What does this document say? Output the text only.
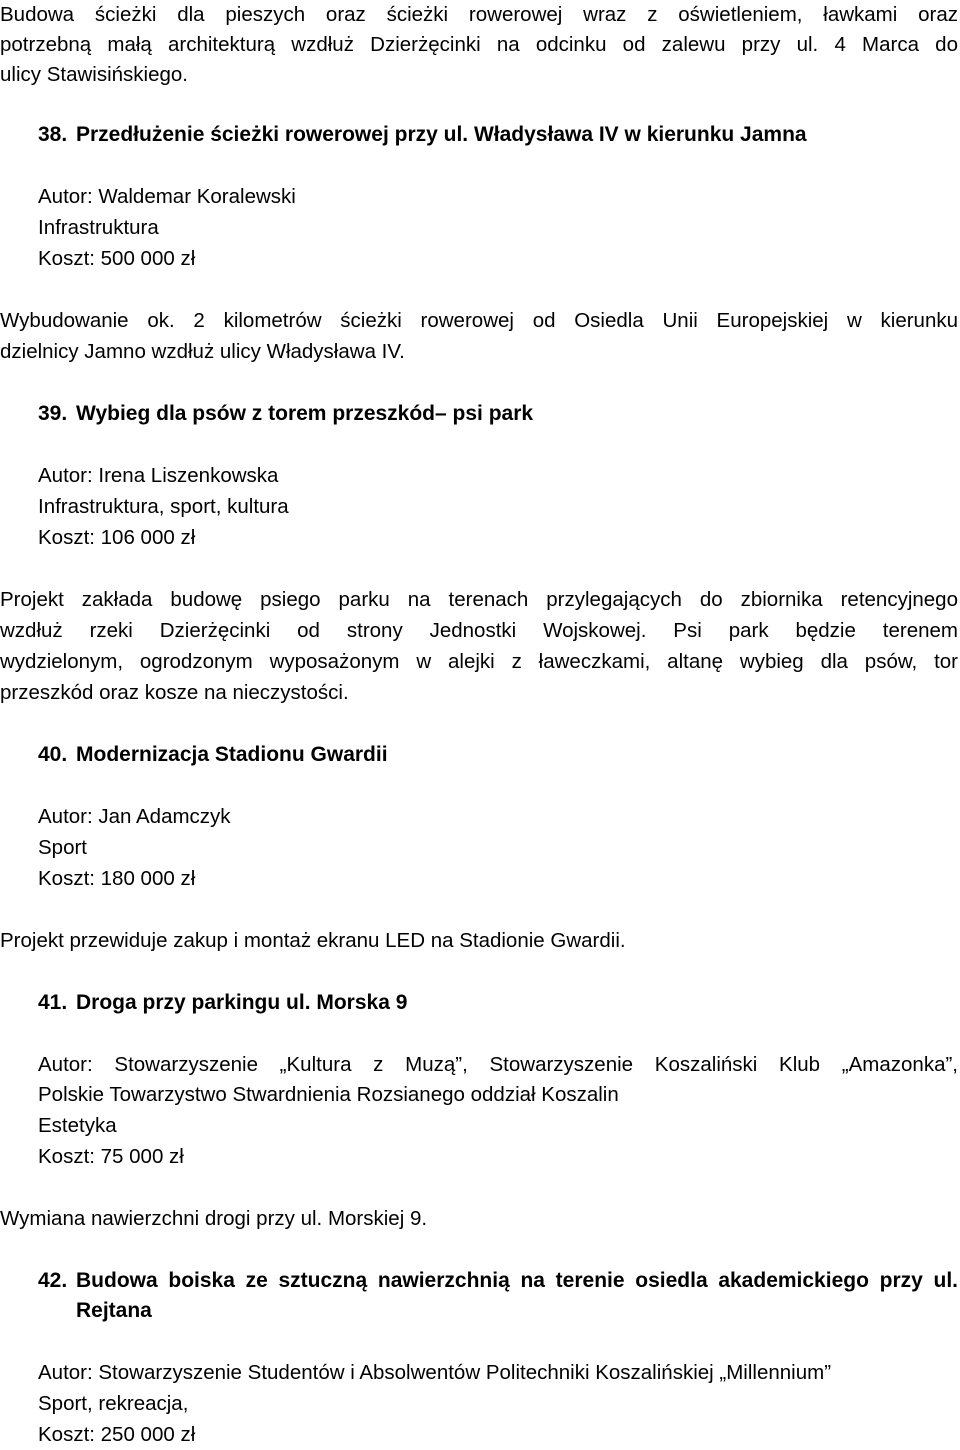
Budowa ścieżki dla pieszych oraz ścieżki rowerowej wraz z oświetleniem, ławkami oraz
potrzebną małą architekturą wzdłuż Dzierżęcinki na odcinku od zalewu przy ul. 4 Marca do
ulicy Stawisińskiego.
38. Przedłużenie ścieżki rowerowej przy ul. Władysława IV w kierunku Jamna
Autor: Waldemar Koralewski
Infrastruktura
Koszt: 500 000 zł
Wybudowanie ok. 2 kilometrów ścieżki rowerowej od Osiedla Unii Europejskiej w kierunku
dzielnicy Jamno wzdłuż ulicy Władysława IV.
39. Wybieg dla psów z torem przeszkód– psi park
Autor: Irena Liszenkowska
Infrastruktura, sport, kultura
Koszt: 106 000 zł
Projekt zakłada budowę psiego parku na terenach przylegających do zbiornika retencyjnego
wzdłuż rzeki Dzierżęcinki od strony Jednostki Wojskowej. Psi park będzie terenem
wydzielonym, ogrodzonym wyposażonym w alejki z ławeczkami, altanę wybieg dla psów, tor
przeszkód oraz kosze na nieczystości.
40. Modernizacja Stadionu Gwardii
Autor: Jan Adamczyk
Sport
Koszt: 180 000 zł
Projekt przewiduje zakup i montaż ekranu LED na Stadionie Gwardii.
41. Droga przy parkingu ul. Morska 9
Autor: Stowarzyszenie „Kultura z Muzą”, Stowarzyszenie Koszaliński Klub „Amazonka”,
Polskie Towarzystwo Stwardnienia Rozsianego oddział Koszalin
Estetyka
Koszt: 75 000 zł
Wymiana nawierzchni drogi przy ul. Morskiej 9.
42. Budowa boiska ze sztuczną nawierzchnią na terenie osiedla akademickiego przy ul.
Rejtana
Autor: Stowarzyszenie Studentów i Absolwentów Politechniki Koszalińskiej „Millennium”
Sport, rekreacja,
Koszt: 250 000 zł
